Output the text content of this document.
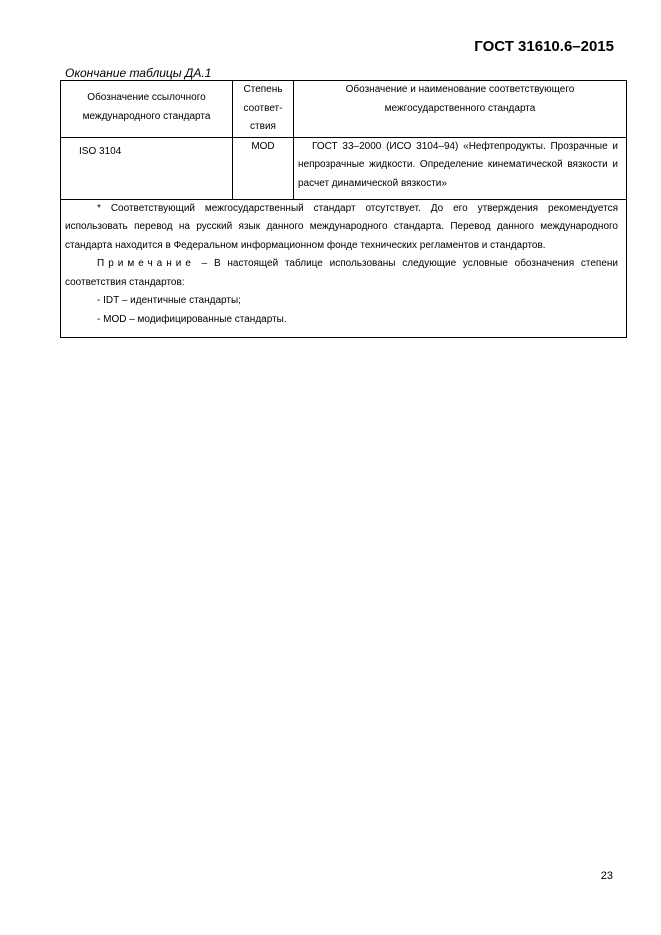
ГОСТ 31610.6–2015
Окончание таблицы ДА.1
Обозначение ссылочного международного стандарта	Степень соответ-ствия	Обозначение и наименование соответствующего межгосударственного стандарта
ISO 3104	MOD	ГОСТ 33–2000 (ИСО 3104–94) «Нефтепродукты. Прозрачные и непрозрачные жидкости. Определение кинематической вязкости и расчет динамической вязкости»

* Соответствующий межгосударственный стандарт отсутствует. До его утверждения рекомендуется использовать перевод на русский язык данного международного стандарта. Перевод данного международного стандарта находится в Федеральном информационном фонде технических регламентов и стандартов.

Примечание – В настоящей таблице использованы следующие условные обозначения степени соответствия стандартов:

- IDT – идентичные стандарты;

- MOD – модифицированные стандарты.		

23
